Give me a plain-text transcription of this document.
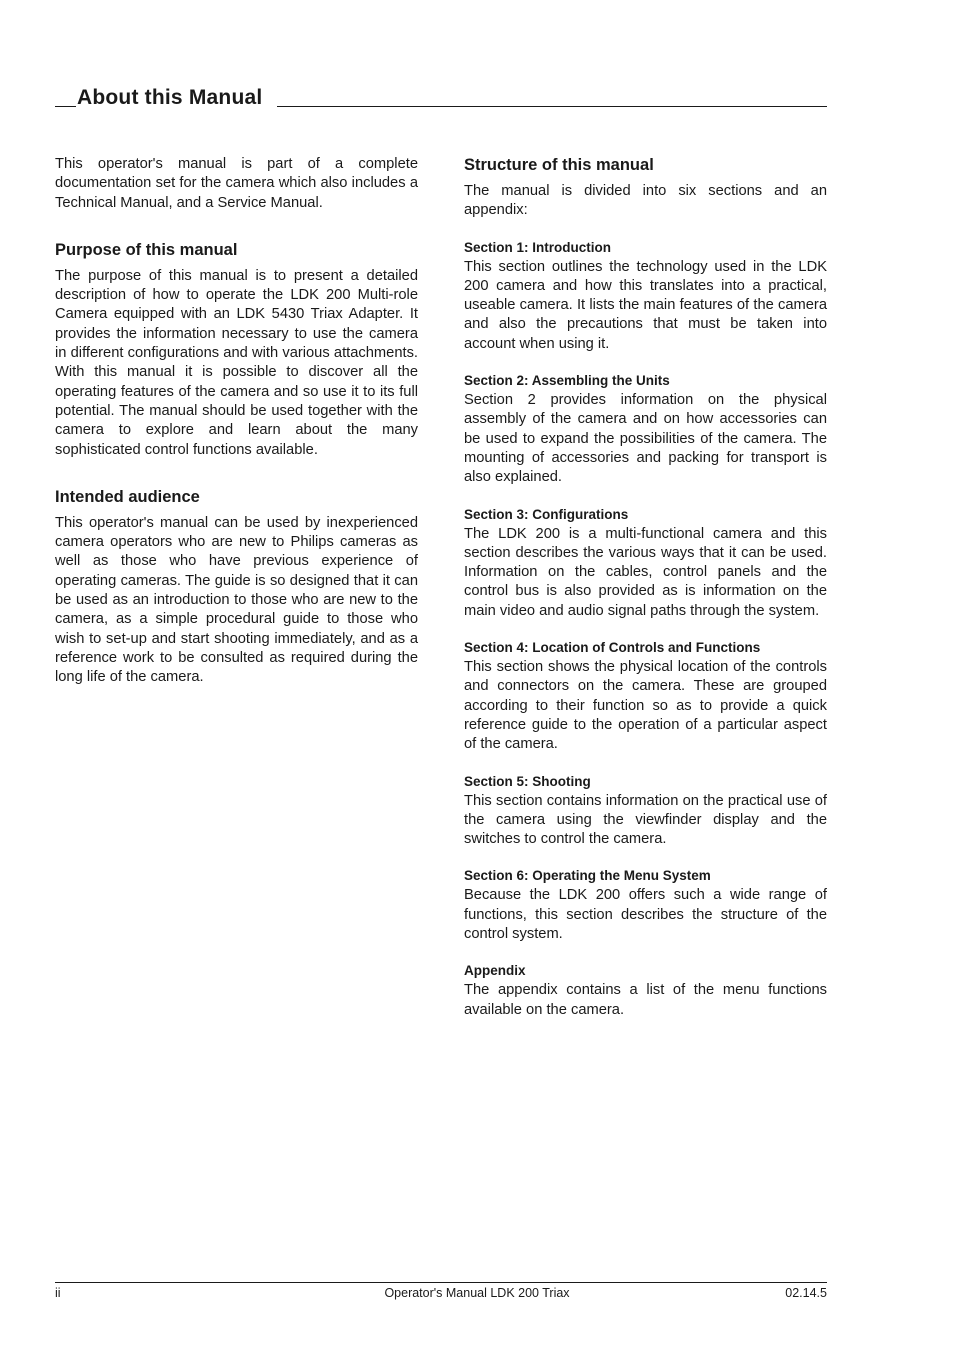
About this Manual

This operator's manual is part of a complete documentation set for the camera which also includes a Technical Manual, and a Service Manual.

Purpose of this manual

The purpose of this manual is to present a detailed description of how to operate the LDK 200 Multi-role Camera equipped with an LDK 5430 Triax Adapter. It provides the information necessary to use the camera in different configurations and with various attachments. With this manual it is possible to discover all the operating features of the camera and so use it to its full potential. The manual should be used together with the camera to explore and learn about the many sophisticated control functions available.

Intended audience

This operator's manual can be used by inexperienced camera operators who are new to Philips cameras as well as those who have previous experience of operating cameras. The guide is so designed that it can be used as an introduction to those who are new to the camera, as a simple procedural guide to those who wish to set-up and start shooting immediately, and as a reference work to be consulted as required during the long life of the camera.

Structure of this manual

The manual is divided into six sections and an appendix:

Section 1: Introduction

This section outlines the technology used in the LDK 200 camera and how this translates into a practical, useable camera. It lists the main features of the camera and also the precautions that must be taken into account when using it.

Section 2: Assembling the Units

Section 2 provides information on the physical assembly of the camera and on how accessories can be used to expand the possibilities of the camera. The mounting of accessories and packing for transport is also explained.

Section 3: Configurations

The LDK 200 is a multi-functional camera and this section describes the various ways that it can be used. Information on the cables, control panels and the control bus is also provided as is information on the main video and audio signal paths through the system.

Section 4: Location of Controls and Functions

This section shows the physical location of the controls and connectors on the camera. These are grouped according to their function so as to provide a quick reference guide to the operation of a particular aspect of the camera.

Section 5: Shooting

This section contains information on the practical use of the camera using the viewfinder display and the switches to control the camera.

Section 6: Operating the Menu System

Because the LDK 200 offers such a wide range of functions, this section describes the structure of the control system.

Appendix

The appendix contains a list of the menu functions available on the camera.

ii	Operator's Manual LDK 200 Triax	02.14.5
